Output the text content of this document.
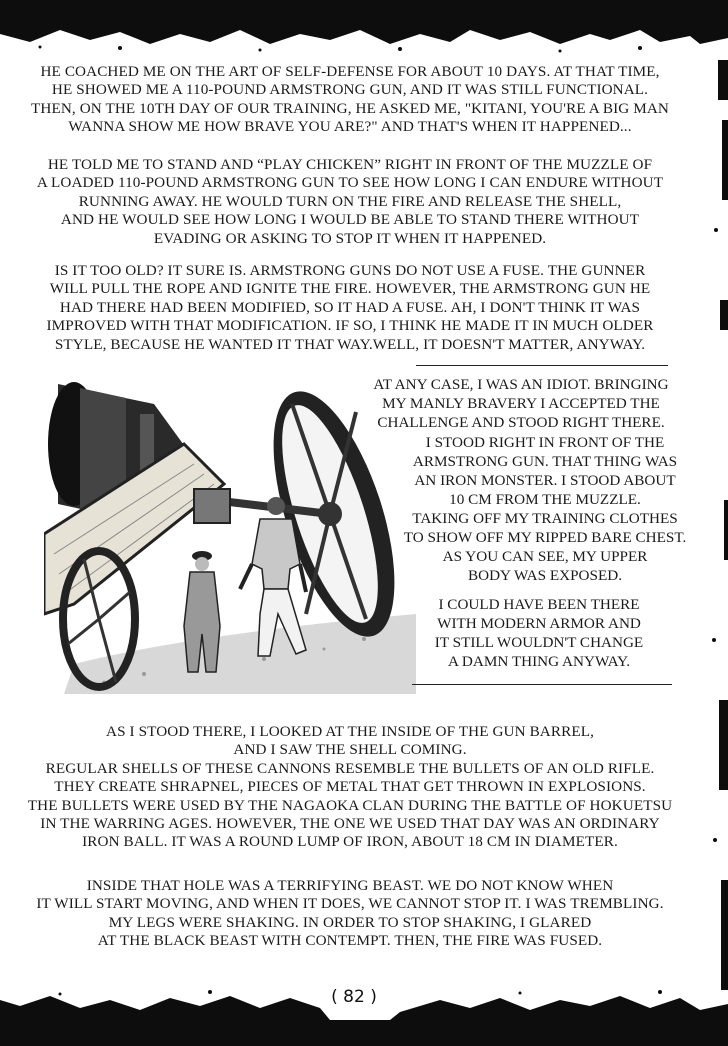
HE COACHED ME ON THE ART OF SELF-DEFENSE FOR ABOUT 10 DAYS. AT THAT TIME,
HE SHOWED ME A 110-POUND ARMSTRONG GUN, AND IT WAS STILL FUNCTIONAL.
THEN, ON THE 10TH DAY OF OUR TRAINING, HE ASKED ME, "KITANI, YOU'RE A BIG MAN
WANNA SHOW ME HOW BRAVE YOU ARE?" AND THAT'S WHEN IT HAPPENED...

HE TOLD ME TO STAND AND “PLAY CHICKEN” RIGHT IN FRONT OF THE MUZZLE OF
A LOADED 110-POUND ARMSTRONG GUN TO SEE HOW LONG I CAN ENDURE WITHOUT
RUNNING AWAY. HE WOULD TURN ON THE FIRE AND RELEASE THE SHELL,
AND HE WOULD SEE HOW LONG I WOULD BE ABLE TO STAND THERE WITHOUT
EVADING OR ASKING TO STOP IT WHEN IT HAPPENED.

IS IT TOO OLD? IT SURE IS. ARMSTRONG GUNS DO NOT USE A FUSE. THE GUNNER
WILL PULL THE ROPE AND IGNITE THE FIRE. HOWEVER, THE ARMSTRONG GUN HE
HAD THERE HAD BEEN MODIFIED, SO IT HAD A FUSE. AH, I DON'T THINK IT WAS
IMPROVED WITH THAT MODIFICATION. IF SO, I THINK HE MADE IT IN MUCH OLDER
STYLE, BECAUSE HE WANTED IT THAT WAY.WELL, IT DOESN'T MATTER, ANYWAY.

AT ANY CASE, I WAS AN IDIOT. BRINGING
MY MANLY BRAVERY I ACCEPTED THE
CHALLENGE AND STOOD RIGHT THERE.

I STOOD RIGHT IN FRONT OF THE
ARMSTRONG GUN. THAT THING WAS
AN IRON MONSTER. I STOOD ABOUT
10 CM FROM THE MUZZLE.
TAKING OFF MY TRAINING CLOTHES
TO SHOW OFF MY RIPPED BARE CHEST.
AS YOU CAN SEE, MY UPPER
BODY WAS EXPOSED.

I COULD HAVE BEEN THERE
WITH MODERN ARMOR AND
IT STILL WOULDN'T CHANGE
A DAMN THING ANYWAY.

AS I STOOD THERE, I LOOKED AT THE INSIDE OF THE GUN BARREL,
AND I SAW THE SHELL COMING.
REGULAR SHELLS OF THESE CANNONS RESEMBLE THE BULLETS OF AN OLD RIFLE.
THEY CREATE SHRAPNEL, PIECES OF METAL THAT GET THROWN IN EXPLOSIONS.
THE BULLETS WERE USED BY THE NAGAOKA CLAN DURING THE BATTLE OF HOKUETSU
IN THE WARRING AGES. HOWEVER, THE ONE WE USED THAT DAY WAS AN ORDINARY
IRON BALL. IT WAS A ROUND LUMP OF IRON, ABOUT 18 CM IN DIAMETER.

INSIDE THAT HOLE WAS A TERRIFYING BEAST. WE DO NOT KNOW WHEN
IT WILL START MOVING, AND WHEN IT DOES, WE CANNOT STOP IT. I WAS TREMBLING.
MY LEGS WERE SHAKING. IN ORDER TO STOP SHAKING, I GLARED
AT THE BLACK BEAST WITH CONTEMPT. THEN, THE FIRE WAS FUSED.

( 82 )
